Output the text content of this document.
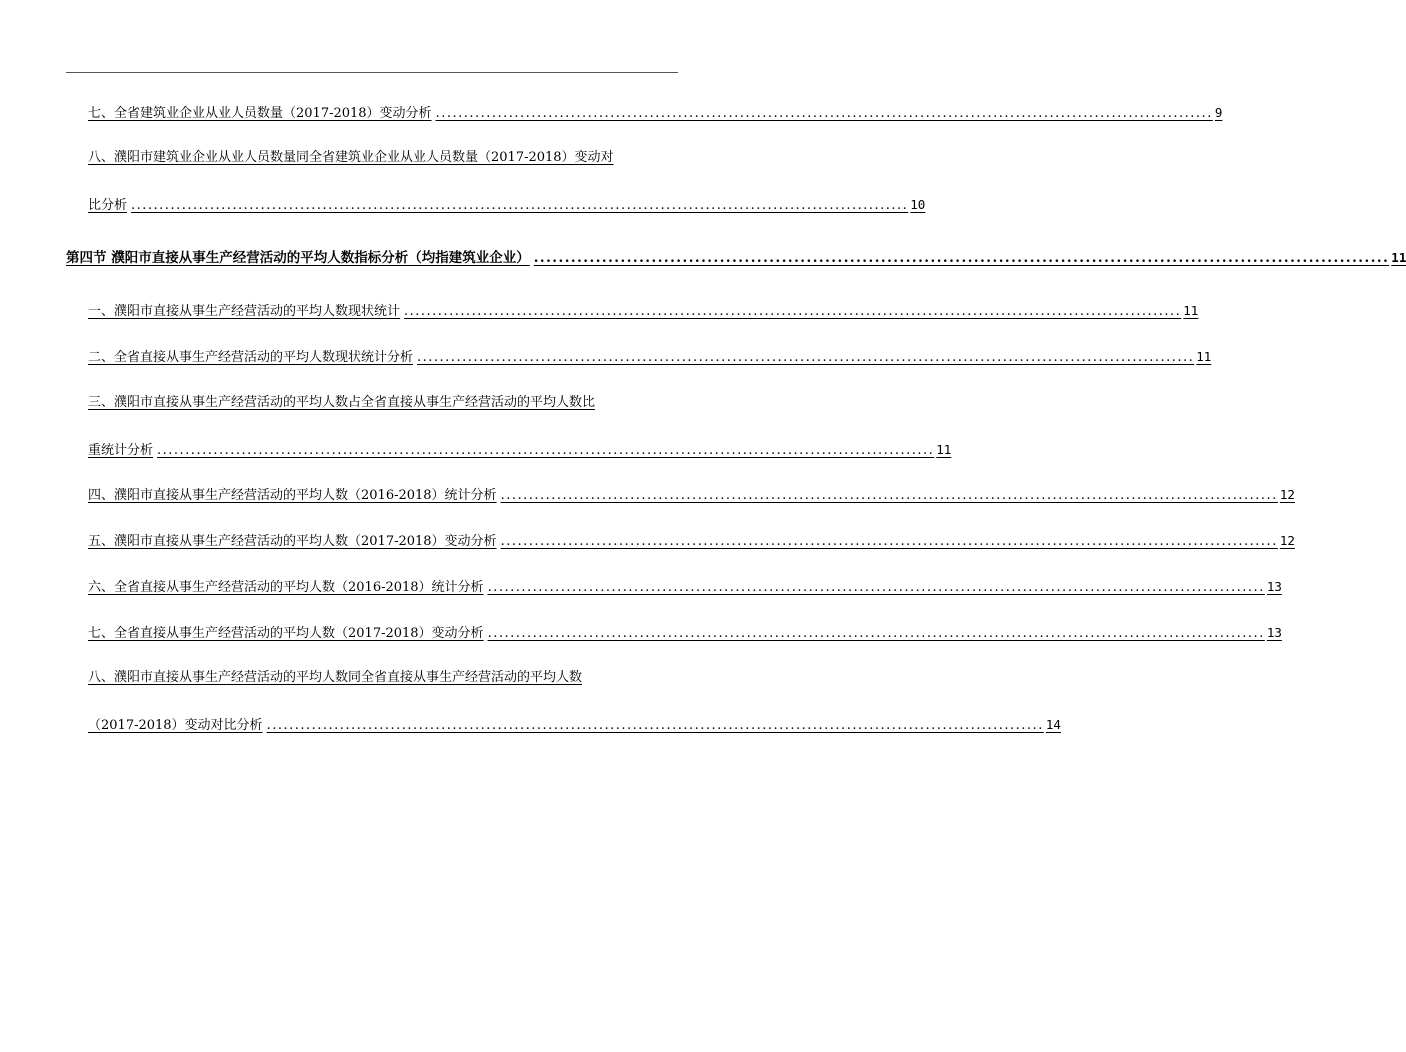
七、全省建筑业企业从业人员数量（2017-2018）变动分析 .......................................................................................................................................... 9
八、濮阳市建筑业企业从业人员数量同全省建筑业企业从业人员数量（2017-2018）变动对
比分析 .......................................................................................................................................... 10
第四节 濮阳市直接从事生产经营活动的平均人数指标分析（均指建筑业企业） .......................................................................................................................................... 11
一、濮阳市直接从事生产经营活动的平均人数现状统计 .......................................................................................................................................... 11
二、全省直接从事生产经营活动的平均人数现状统计分析 .......................................................................................................................................... 11
三、濮阳市直接从事生产经营活动的平均人数占全省直接从事生产经营活动的平均人数比
重统计分析 .......................................................................................................................................... 11
四、濮阳市直接从事生产经营活动的平均人数（2016-2018）统计分析 .......................................................................................................................................... 12
五、濮阳市直接从事生产经营活动的平均人数（2017-2018）变动分析 .......................................................................................................................................... 12
六、全省直接从事生产经营活动的平均人数（2016-2018）统计分析 .......................................................................................................................................... 13
七、全省直接从事生产经营活动的平均人数（2017-2018）变动分析 .......................................................................................................................................... 13
八、濮阳市直接从事生产经营活动的平均人数同全省直接从事生产经营活动的平均人数
（2017-2018）变动对比分析 .......................................................................................................................................... 14
